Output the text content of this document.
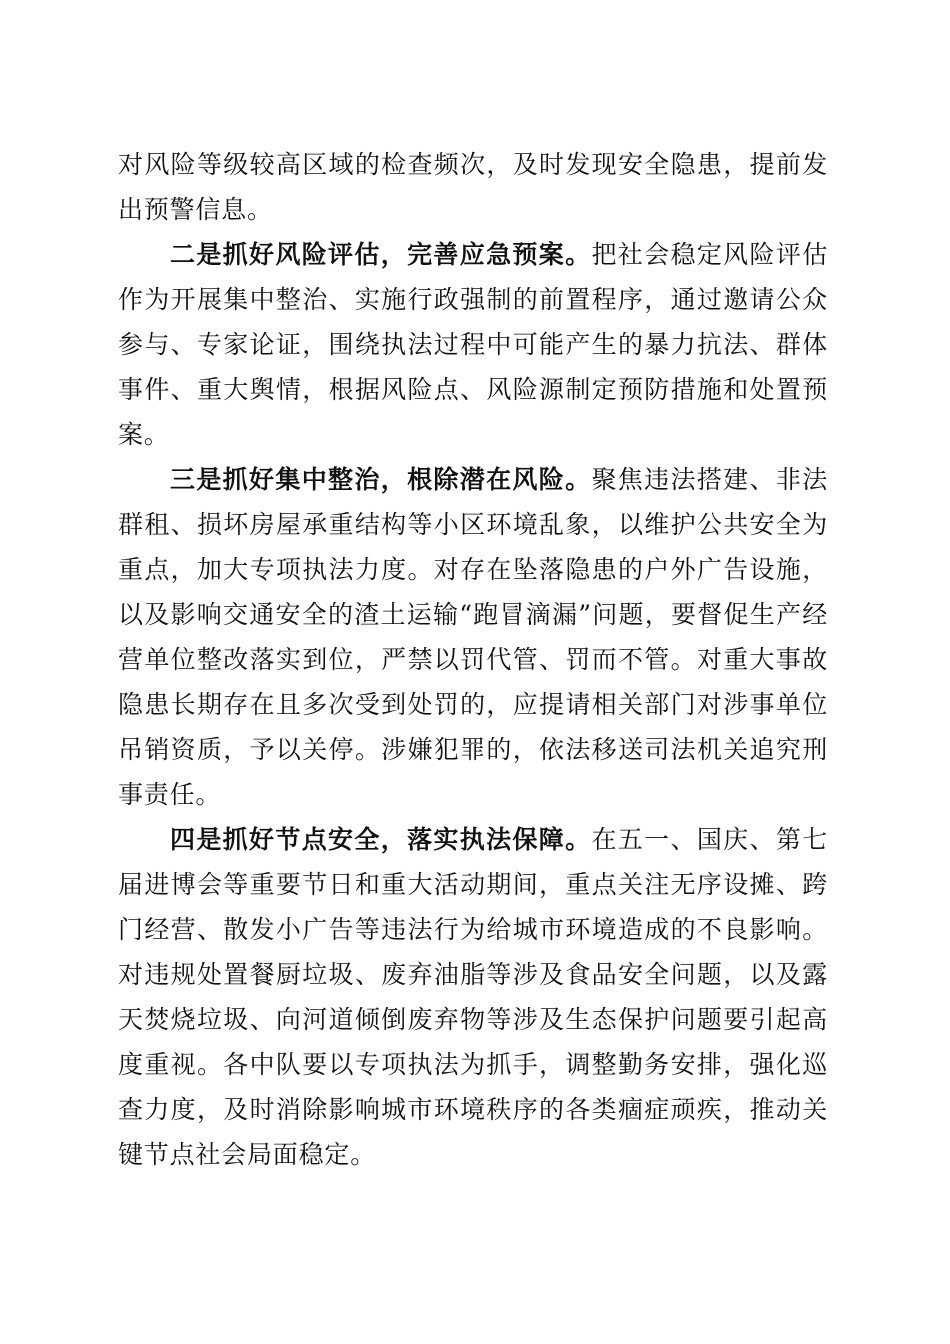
对风险等级较高区域的检查频次，及时发现安全隐患，提前发出预警信息。

二是抓好风险评估，完善应急预案。把社会稳定风险评估作为开展集中整治、实施行政强制的前置程序，通过邀请公众参与、专家论证，围绕执法过程中可能产生的暴力抗法、群体事件、重大舆情，根据风险点、风险源制定预防措施和处置预案。

三是抓好集中整治，根除潜在风险。聚焦违法搭建、非法群租、损坏房屋承重结构等小区环境乱象，以维护公共安全为重点，加大专项执法力度。对存在坠落隐患的户外广告设施，以及影响交通安全的渣土运输“跑冒滴漏”问题，要督促生产经营单位整改落实到位，严禁以罚代管、罚而不管。对重大事故隐患长期存在且多次受到处罚的，应提请相关部门对涉事单位吊销资质，予以关停。涉嫌犯罪的，依法移送司法机关追究刑事责任。

四是抓好节点安全，落实执法保障。在五一、国庆、第七届进博会等重要节日和重大活动期间，重点关注无序设摊、跨门经营、散发小广告等违法行为给城市环境造成的不良影响。对违规处置餐厨垃圾、废弃油脂等涉及食品安全问题，以及露天焚烧垃圾、向河道倾倒废弃物等涉及生态保护问题要引起高度重视。各中队要以专项执法为抓手，调整勤务安排，强化巡查力度，及时消除影响城市环境秩序的各类痼症顽疾，推动关键节点社会局面稳定。
